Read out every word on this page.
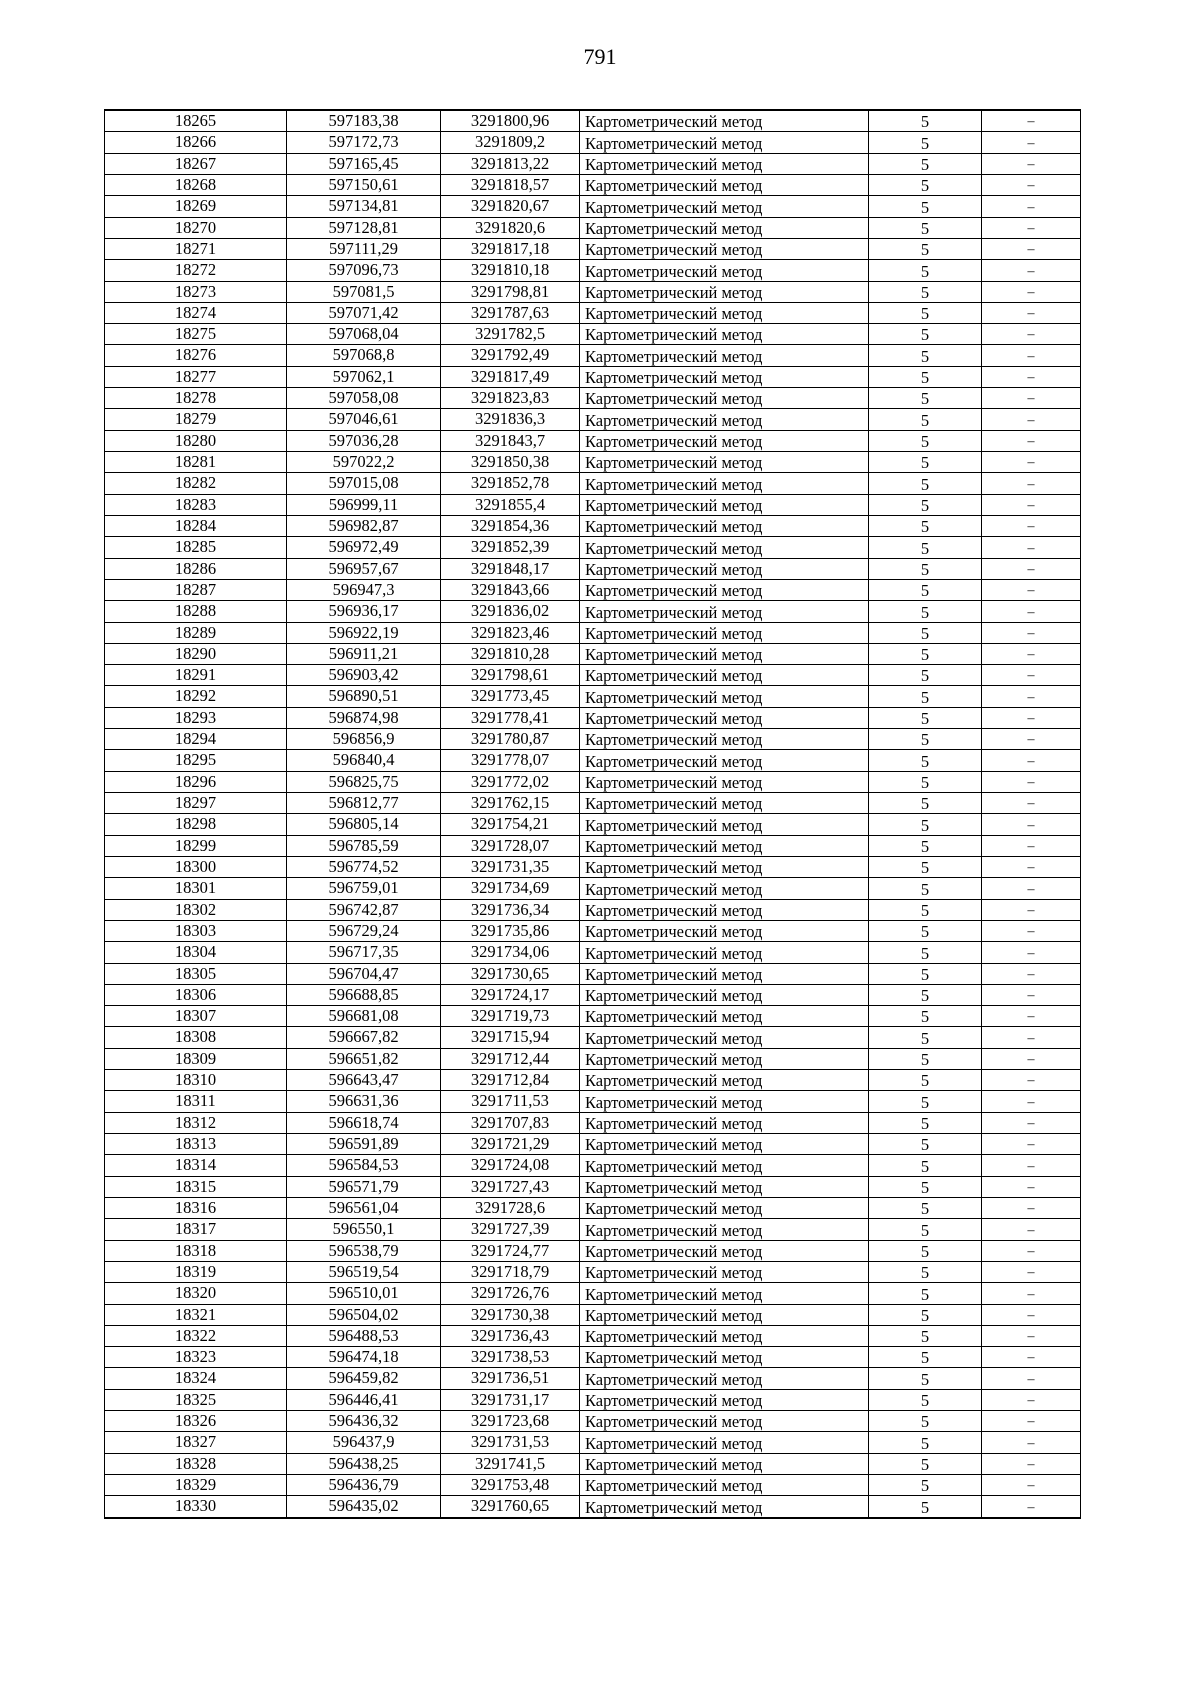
791
18265	597183,38	3291800,96	Картометрический метод	5	–
18266	597172,73	3291809,2	Картометрический метод	5	–
18267	597165,45	3291813,22	Картометрический метод	5	–
18268	597150,61	3291818,57	Картометрический метод	5	–
18269	597134,81	3291820,67	Картометрический метод	5	–
18270	597128,81	3291820,6	Картометрический метод	5	–
18271	597111,29	3291817,18	Картометрический метод	5	–
18272	597096,73	3291810,18	Картометрический метод	5	–
18273	597081,5	3291798,81	Картометрический метод	5	–
18274	597071,42	3291787,63	Картометрический метод	5	–
18275	597068,04	3291782,5	Картометрический метод	5	–
18276	597068,8	3291792,49	Картометрический метод	5	–
18277	597062,1	3291817,49	Картометрический метод	5	–
18278	597058,08	3291823,83	Картометрический метод	5	–
18279	597046,61	3291836,3	Картометрический метод	5	–
18280	597036,28	3291843,7	Картометрический метод	5	–
18281	597022,2	3291850,38	Картометрический метод	5	–
18282	597015,08	3291852,78	Картометрический метод	5	–
18283	596999,11	3291855,4	Картометрический метод	5	–
18284	596982,87	3291854,36	Картометрический метод	5	–
18285	596972,49	3291852,39	Картометрический метод	5	–
18286	596957,67	3291848,17	Картометрический метод	5	–
18287	596947,3	3291843,66	Картометрический метод	5	–
18288	596936,17	3291836,02	Картометрический метод	5	–
18289	596922,19	3291823,46	Картометрический метод	5	–
18290	596911,21	3291810,28	Картометрический метод	5	–
18291	596903,42	3291798,61	Картометрический метод	5	–
18292	596890,51	3291773,45	Картометрический метод	5	–
18293	596874,98	3291778,41	Картометрический метод	5	–
18294	596856,9	3291780,87	Картометрический метод	5	–
18295	596840,4	3291778,07	Картометрический метод	5	–
18296	596825,75	3291772,02	Картометрический метод	5	–
18297	596812,77	3291762,15	Картометрический метод	5	–
18298	596805,14	3291754,21	Картометрический метод	5	–
18299	596785,59	3291728,07	Картометрический метод	5	–
18300	596774,52	3291731,35	Картометрический метод	5	–
18301	596759,01	3291734,69	Картометрический метод	5	–
18302	596742,87	3291736,34	Картометрический метод	5	–
18303	596729,24	3291735,86	Картометрический метод	5	–
18304	596717,35	3291734,06	Картометрический метод	5	–
18305	596704,47	3291730,65	Картометрический метод	5	–
18306	596688,85	3291724,17	Картометрический метод	5	–
18307	596681,08	3291719,73	Картометрический метод	5	–
18308	596667,82	3291715,94	Картометрический метод	5	–
18309	596651,82	3291712,44	Картометрический метод	5	–
18310	596643,47	3291712,84	Картометрический метод	5	–
18311	596631,36	3291711,53	Картометрический метод	5	–
18312	596618,74	3291707,83	Картометрический метод	5	–
18313	596591,89	3291721,29	Картометрический метод	5	–
18314	596584,53	3291724,08	Картометрический метод	5	–
18315	596571,79	3291727,43	Картометрический метод	5	–
18316	596561,04	3291728,6	Картометрический метод	5	–
18317	596550,1	3291727,39	Картометрический метод	5	–
18318	596538,79	3291724,77	Картометрический метод	5	–
18319	596519,54	3291718,79	Картометрический метод	5	–
18320	596510,01	3291726,76	Картометрический метод	5	–
18321	596504,02	3291730,38	Картометрический метод	5	–
18322	596488,53	3291736,43	Картометрический метод	5	–
18323	596474,18	3291738,53	Картометрический метод	5	–
18324	596459,82	3291736,51	Картометрический метод	5	–
18325	596446,41	3291731,17	Картометрический метод	5	–
18326	596436,32	3291723,68	Картометрический метод	5	–
18327	596437,9	3291731,53	Картометрический метод	5	–
18328	596438,25	3291741,5	Картометрический метод	5	–
18329	596436,79	3291753,48	Картометрический метод	5	–
18330	596435,02	3291760,65	Картометрический метод	5	–
